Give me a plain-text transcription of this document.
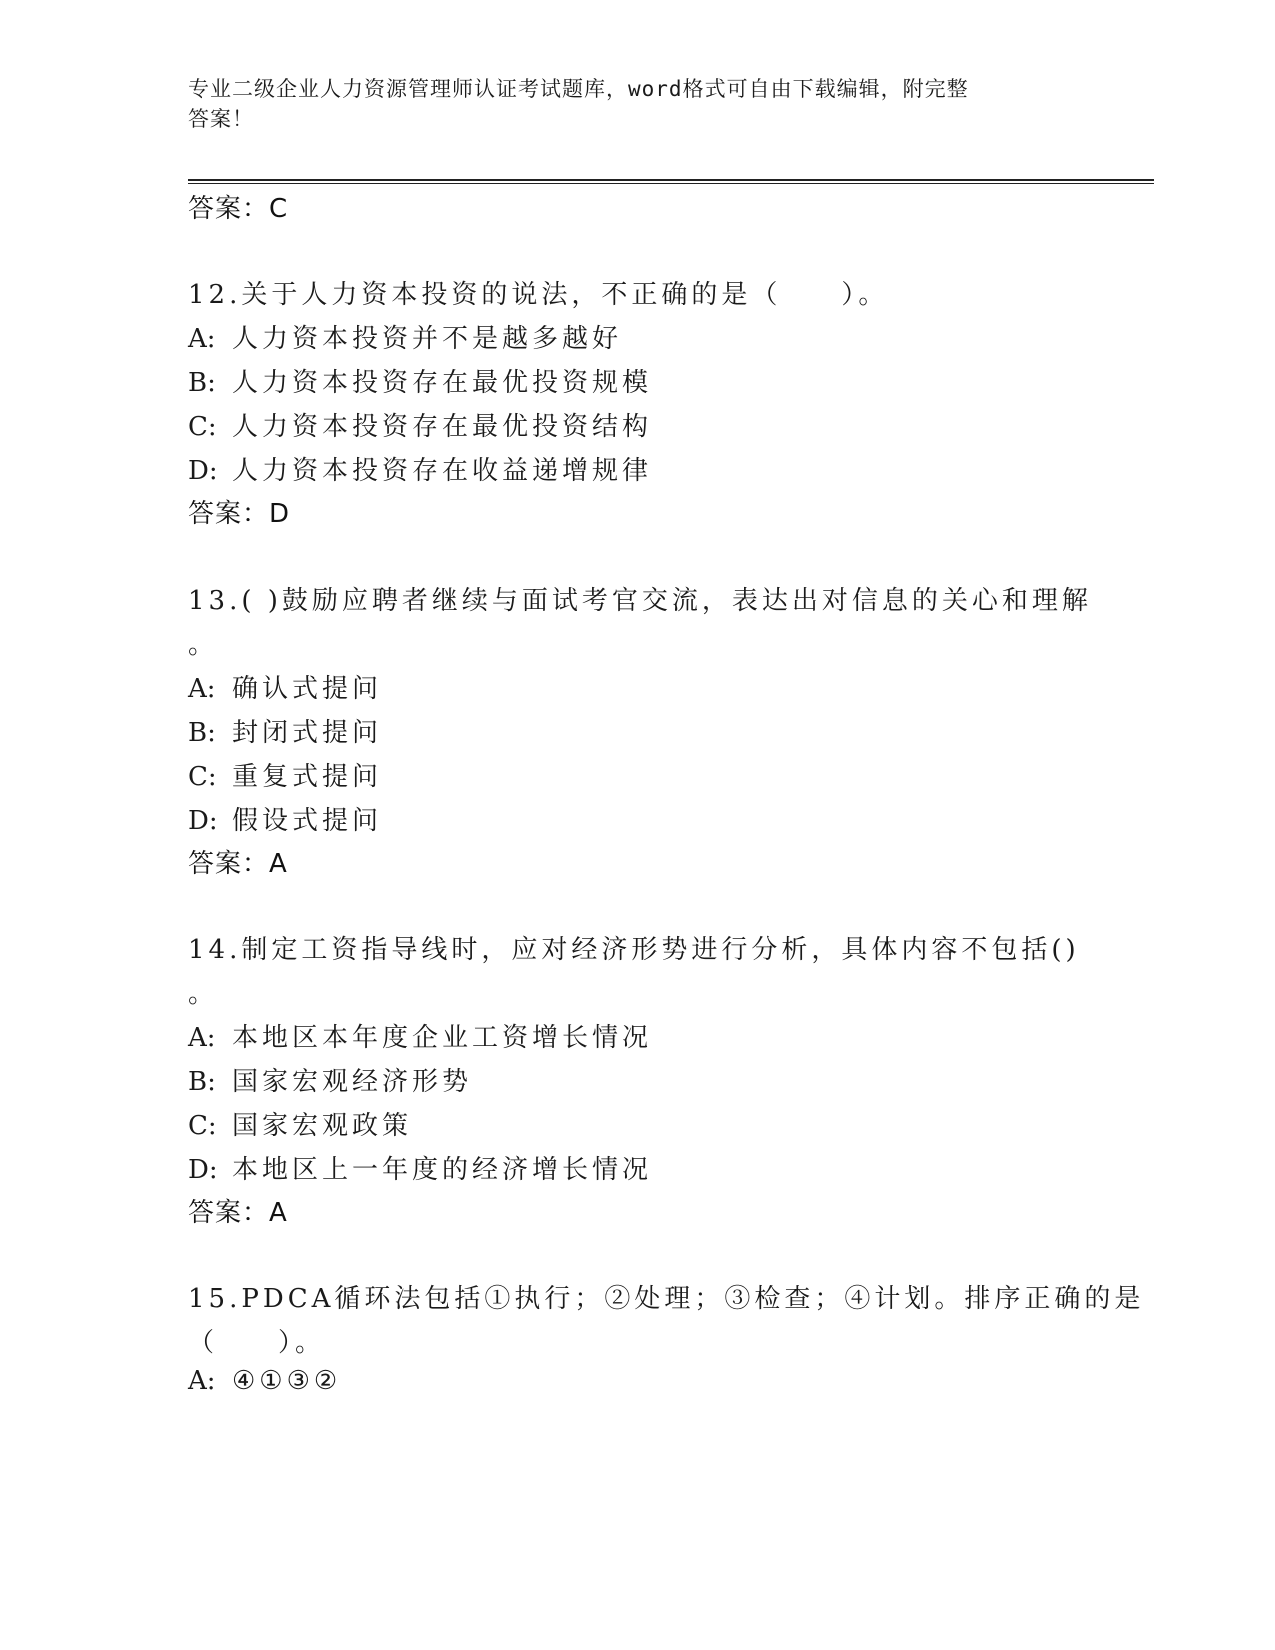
专业二级企业人力资源管理师认证考试题库，word格式可自由下载编辑，附完整
答案！
答案：C
12.关于人力资本投资的说法，不正确的是（　　）。
A: 人力资本投资并不是越多越好
B: 人力资本投资存在最优投资规模
C: 人力资本投资存在最优投资结构
D: 人力资本投资存在收益递增规律
答案：D
13.( )鼓励应聘者继续与面试考官交流，表达出对信息的关心和理解
。
A: 确认式提问
B: 封闭式提问
C: 重复式提问
D: 假设式提问
答案：A
14.制定工资指导线时，应对经济形势进行分析，具体内容不包括()
。
A: 本地区本年度企业工资增长情况
B: 国家宏观经济形势
C: 国家宏观政策
D: 本地区上一年度的经济增长情况
答案：A
15.PDCA循环法包括①执行；②处理；③检查；④计划。排序正确的是
（　　）。
A: ④①③②
